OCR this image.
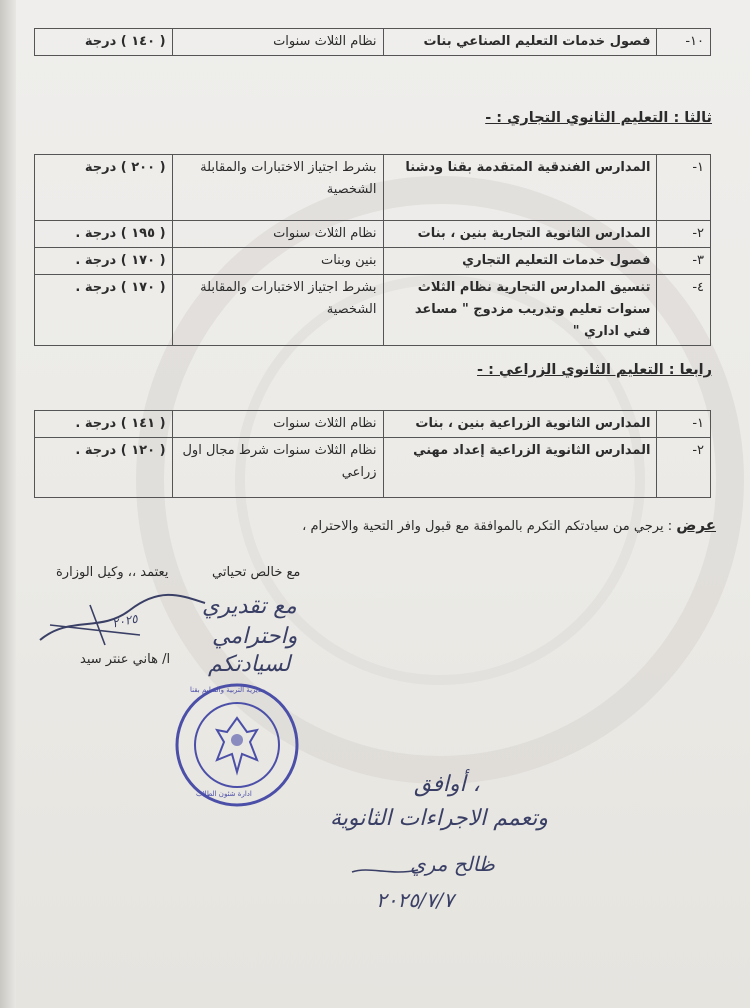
١٠-	فصول خدمات التعليم الصناعي بنات	نظام الثلاث سنوات	( ١٤٠ ) درجة
ثالثا : التعليم الثانوي التجاري : -
١-	المدارس الفندقية المتقدمة بقنا ودشنا	بشرط اجتياز الاختبارات والمقابلة الشخصية	( ٢٠٠ ) درجة
٢-	المدارس الثانوية التجارية بنين ، بنات	نظام الثلاث سنوات	( ١٩٥ ) درجة .
٣-	فصول خدمات التعليم التجاري	بنين وبنات	( ١٧٠ ) درجة .
٤-	تنسيق المدارس التجارية نظام الثلاث سنوات تعليم وتدريب مزدوج " مساعد فني اداري "	بشرط اجتياز الاختبارات والمقابلة الشخصية	( ١٧٠ ) درجة .
رابعا : التعليم الثانوي الزراعي : -
١-	المدارس الثانوية الزراعية بنين ، بنات	نظام الثلاث سنوات	( ١٤١ ) درجة .
٢-	المدارس الثانوية الزراعية إعداد مهني	نظام الثلاث سنوات شرط مجال اول زراعي	( ١٢٠ ) درجة .
عرض : يرجي من سيادتكم التكرم بالموافقة مع قبول وافر التحية والاحترام ،
مع خالص تحياتي
يعتمد ،، وكيل الوزارة
ا/ هاني عنتر سيد
٢٠٢٥
مع تقديري
واحترامي
لسيادتكم
مديرية التربية والتعليم بقنا
ادارة شئون الطلاب	أوافق ،
وتعمم الاجراءات الثانوية
ظالح مري
٢٠٢٥/٧/٧
